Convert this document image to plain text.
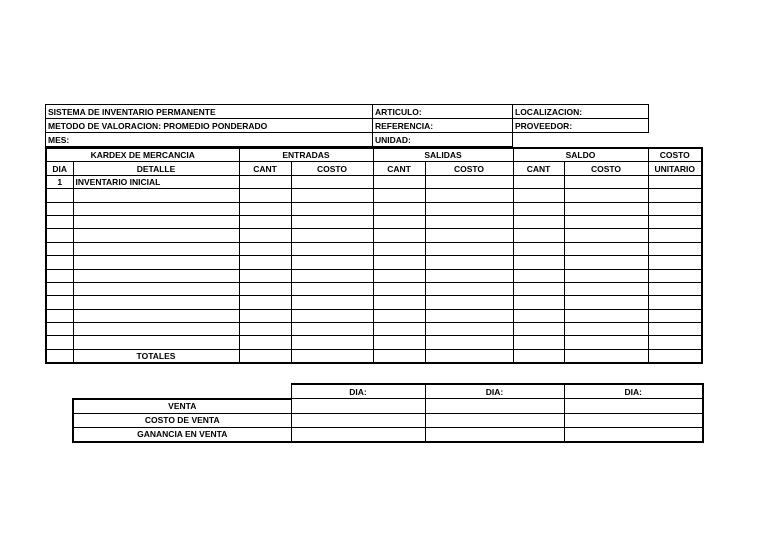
SISTEMA DE INVENTARIO PERMANENTE	ARTICULO:	LOCALIZACION:
METODO DE VALORACION: PROMEDIO PONDERADO	REFERENCIA:	PROVEEDOR:
MES:	UNIDAD:	
KARDEX DE MERCANCIA		ENTRADAS		SALIDAS		SALDO		COSTO
DIA	DETALLE	CANT	COSTO	CANT	COSTO	CANT	COSTO	UNITARIO
1	INVENTARIO INICIAL							

	TOTALES							
	DIA:	DIA:	DIA:
VENTA			
COSTO DE VENTA			
GANANCIA EN VENTA			
